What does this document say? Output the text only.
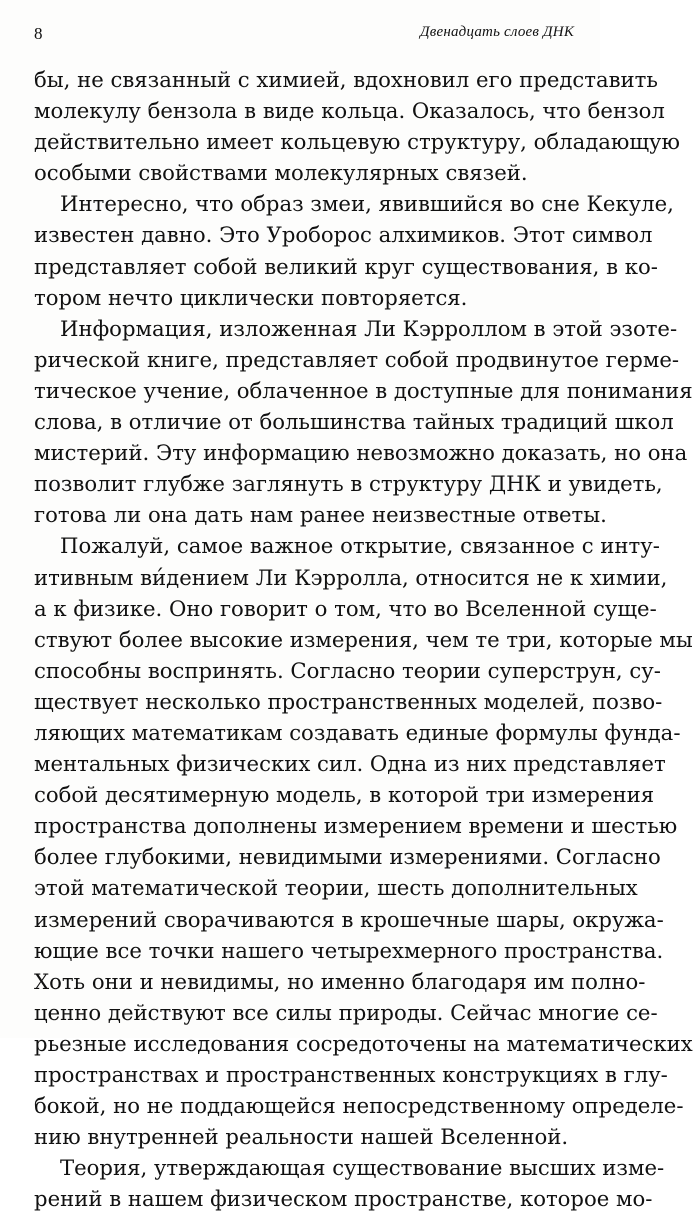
8	Двенадцать слоев ДНК
бы, не связанный с химией, вдохновил его представить
молекулу бензола в виде кольца. Оказалось, что бензол
действительно имеет кольцевую структуру, обладающую
особыми свойствами молекулярных связей.
Интересно, что образ змеи, явившийся во сне Кекуле,
известен давно. Это Уроборос алхимиков. Этот символ
представляет собой великий круг существования, в ко-
тором нечто циклически повторяется.
Информация, изложенная Ли Кэрроллом в этой эзоте-
рической книге, представляет собой продвинутое герме-
тическое учение, облаченное в доступные для понимания
слова, в отличие от большинства тайных традиций школ
мистерий. Эту информацию невозможно доказать, но она
позволит глубже заглянуть в структуру ДНК и увидеть,
готова ли она дать нам ранее неизвестные ответы.
Пожалуй, самое важное открытие, связанное с инту-
итивным ви́дением Ли Кэрролла, относится не к химии,
а к физике. Оно говорит о том, что во Вселенной суще-
ствуют более высокие измерения, чем те три, которые мы
способны воспринять. Согласно теории суперструн, су-
ществует несколько пространственных моделей, позво-
ляющих математикам создавать единые формулы фунда-
ментальных физических сил. Одна из них представляет
собой десятимерную модель, в которой три измерения
пространства дополнены измерением времени и шестью
более глубокими, невидимыми измерениями. Согласно
этой математической теории, шесть дополнительных
измерений сворачиваются в крошечные шары, окружа-
ющие все точки нашего четырехмерного пространства.
Хоть они и невидимы, но именно благодаря им полно-
ценно действуют все силы природы. Сейчас многие се-
рьезные исследования сосредоточены на математических
пространствах и пространственных конструкциях в глу-
бокой, но не поддающейся непосредственному определе-
нию внутренней реальности нашей Вселенной.
Теория, утверждающая существование высших изме-
рений в нашем физическом пространстве, которое мо-
